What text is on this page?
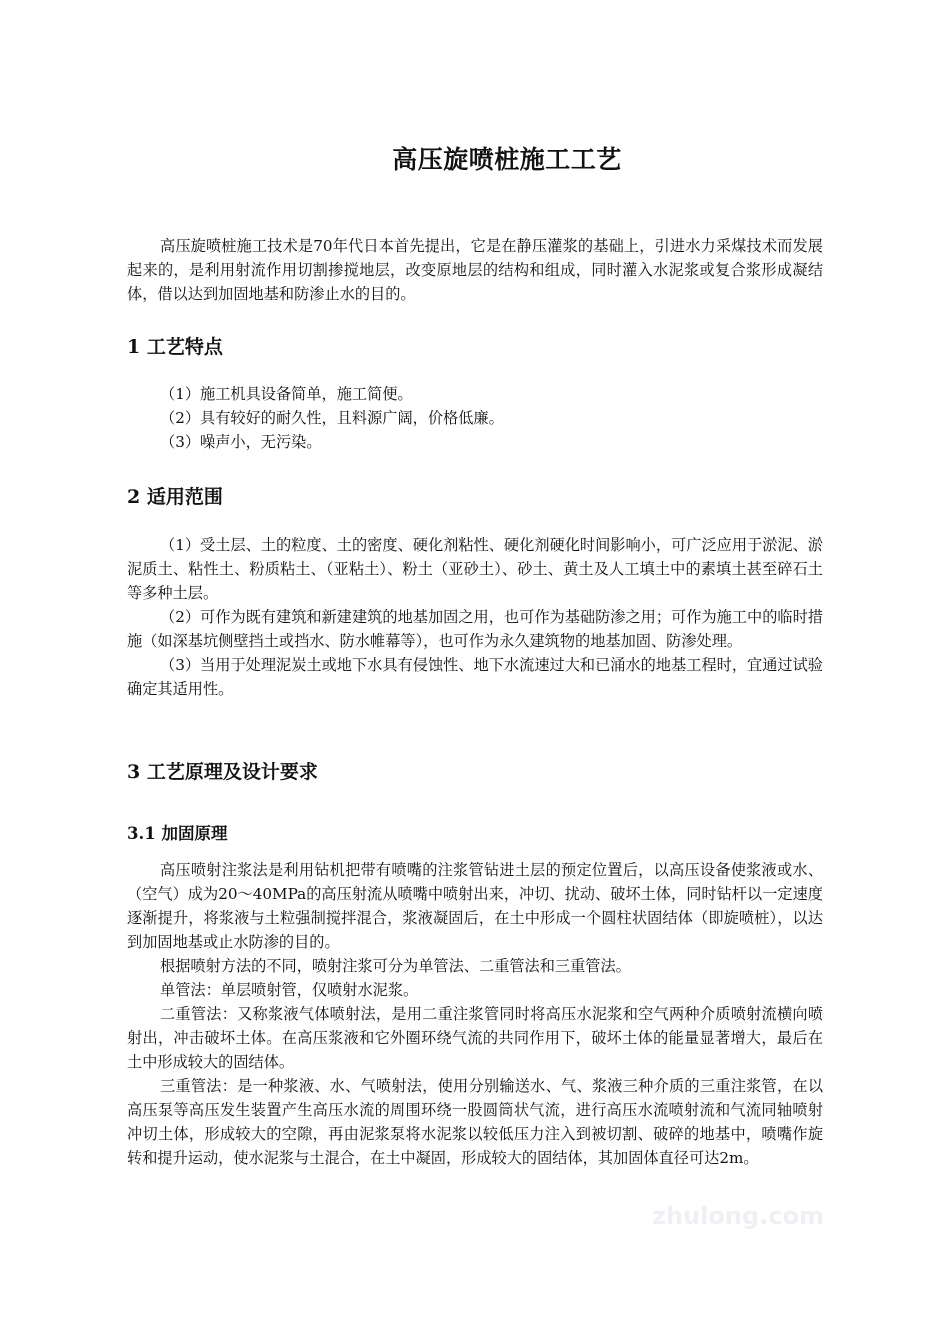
高压旋喷桩施工工艺

高压旋喷桩施工技术是70年代日本首先提出，它是在静压灌浆的基础上，引进水力采煤技术而发展起来的，是利用射流作用切割掺搅地层，改变原地层的结构和组成，同时灌入水泥浆或复合浆形成凝结体，借以达到加固地基和防渗止水的目的。

1 工艺特点

（1）施工机具设备简单，施工简便。

（2）具有较好的耐久性，且料源广阔，价格低廉。

（3）噪声小，无污染。

2 适用范围

（1）受土层、土的粒度、土的密度、硬化剂粘性、硬化剂硬化时间影响小，可广泛应用于淤泥、淤泥质土、粘性土、粉质粘土、（亚粘土）、粉土（亚砂土）、砂土、黄土及人工填土中的素填土甚至碎石土等多种土层。

（2）可作为既有建筑和新建建筑的地基加固之用，也可作为基础防渗之用；可作为施工中的临时措施（如深基坑侧壁挡土或挡水、防水帷幕等），也可作为永久建筑物的地基加固、防渗处理。

（3）当用于处理泥炭土或地下水具有侵蚀性、地下水流速过大和已涌水的地基工程时，宜通过试验确定其适用性。

3 工艺原理及设计要求
3.1 加固原理

高压喷射注浆法是利用钻机把带有喷嘴的注浆管钻进土层的预定位置后，以高压设备使浆液或水、（空气）成为20～40MPa的高压射流从喷嘴中喷射出来，冲切、扰动、破坏土体，同时钻杆以一定速度逐渐提升，将浆液与土粒强制搅拌混合，浆液凝固后，在土中形成一个圆柱状固结体（即旋喷桩），以达到加固地基或止水防渗的目的。

根据喷射方法的不同，喷射注浆可分为单管法、二重管法和三重管法。

单管法：单层喷射管，仅喷射水泥浆。

二重管法：又称浆液气体喷射法，是用二重注浆管同时将高压水泥浆和空气两种介质喷射流横向喷射出，冲击破坏土体。在高压浆液和它外圈环绕气流的共同作用下，破坏土体的能量显著增大，最后在土中形成较大的固结体。

三重管法：是一种浆液、水、气喷射法，使用分别输送水、气、浆液三种介质的三重注浆管，在以高压泵等高压发生装置产生高压水流的周围环绕一股圆筒状气流，进行高压水流喷射流和气流同轴喷射冲切土体，形成较大的空隙，再由泥浆泵将水泥浆以较低压力注入到被切割、破碎的地基中，喷嘴作旋转和提升运动，使水泥浆与土混合，在土中凝固，形成较大的固结体，其加固体直径可达2m。

zhulong.com
